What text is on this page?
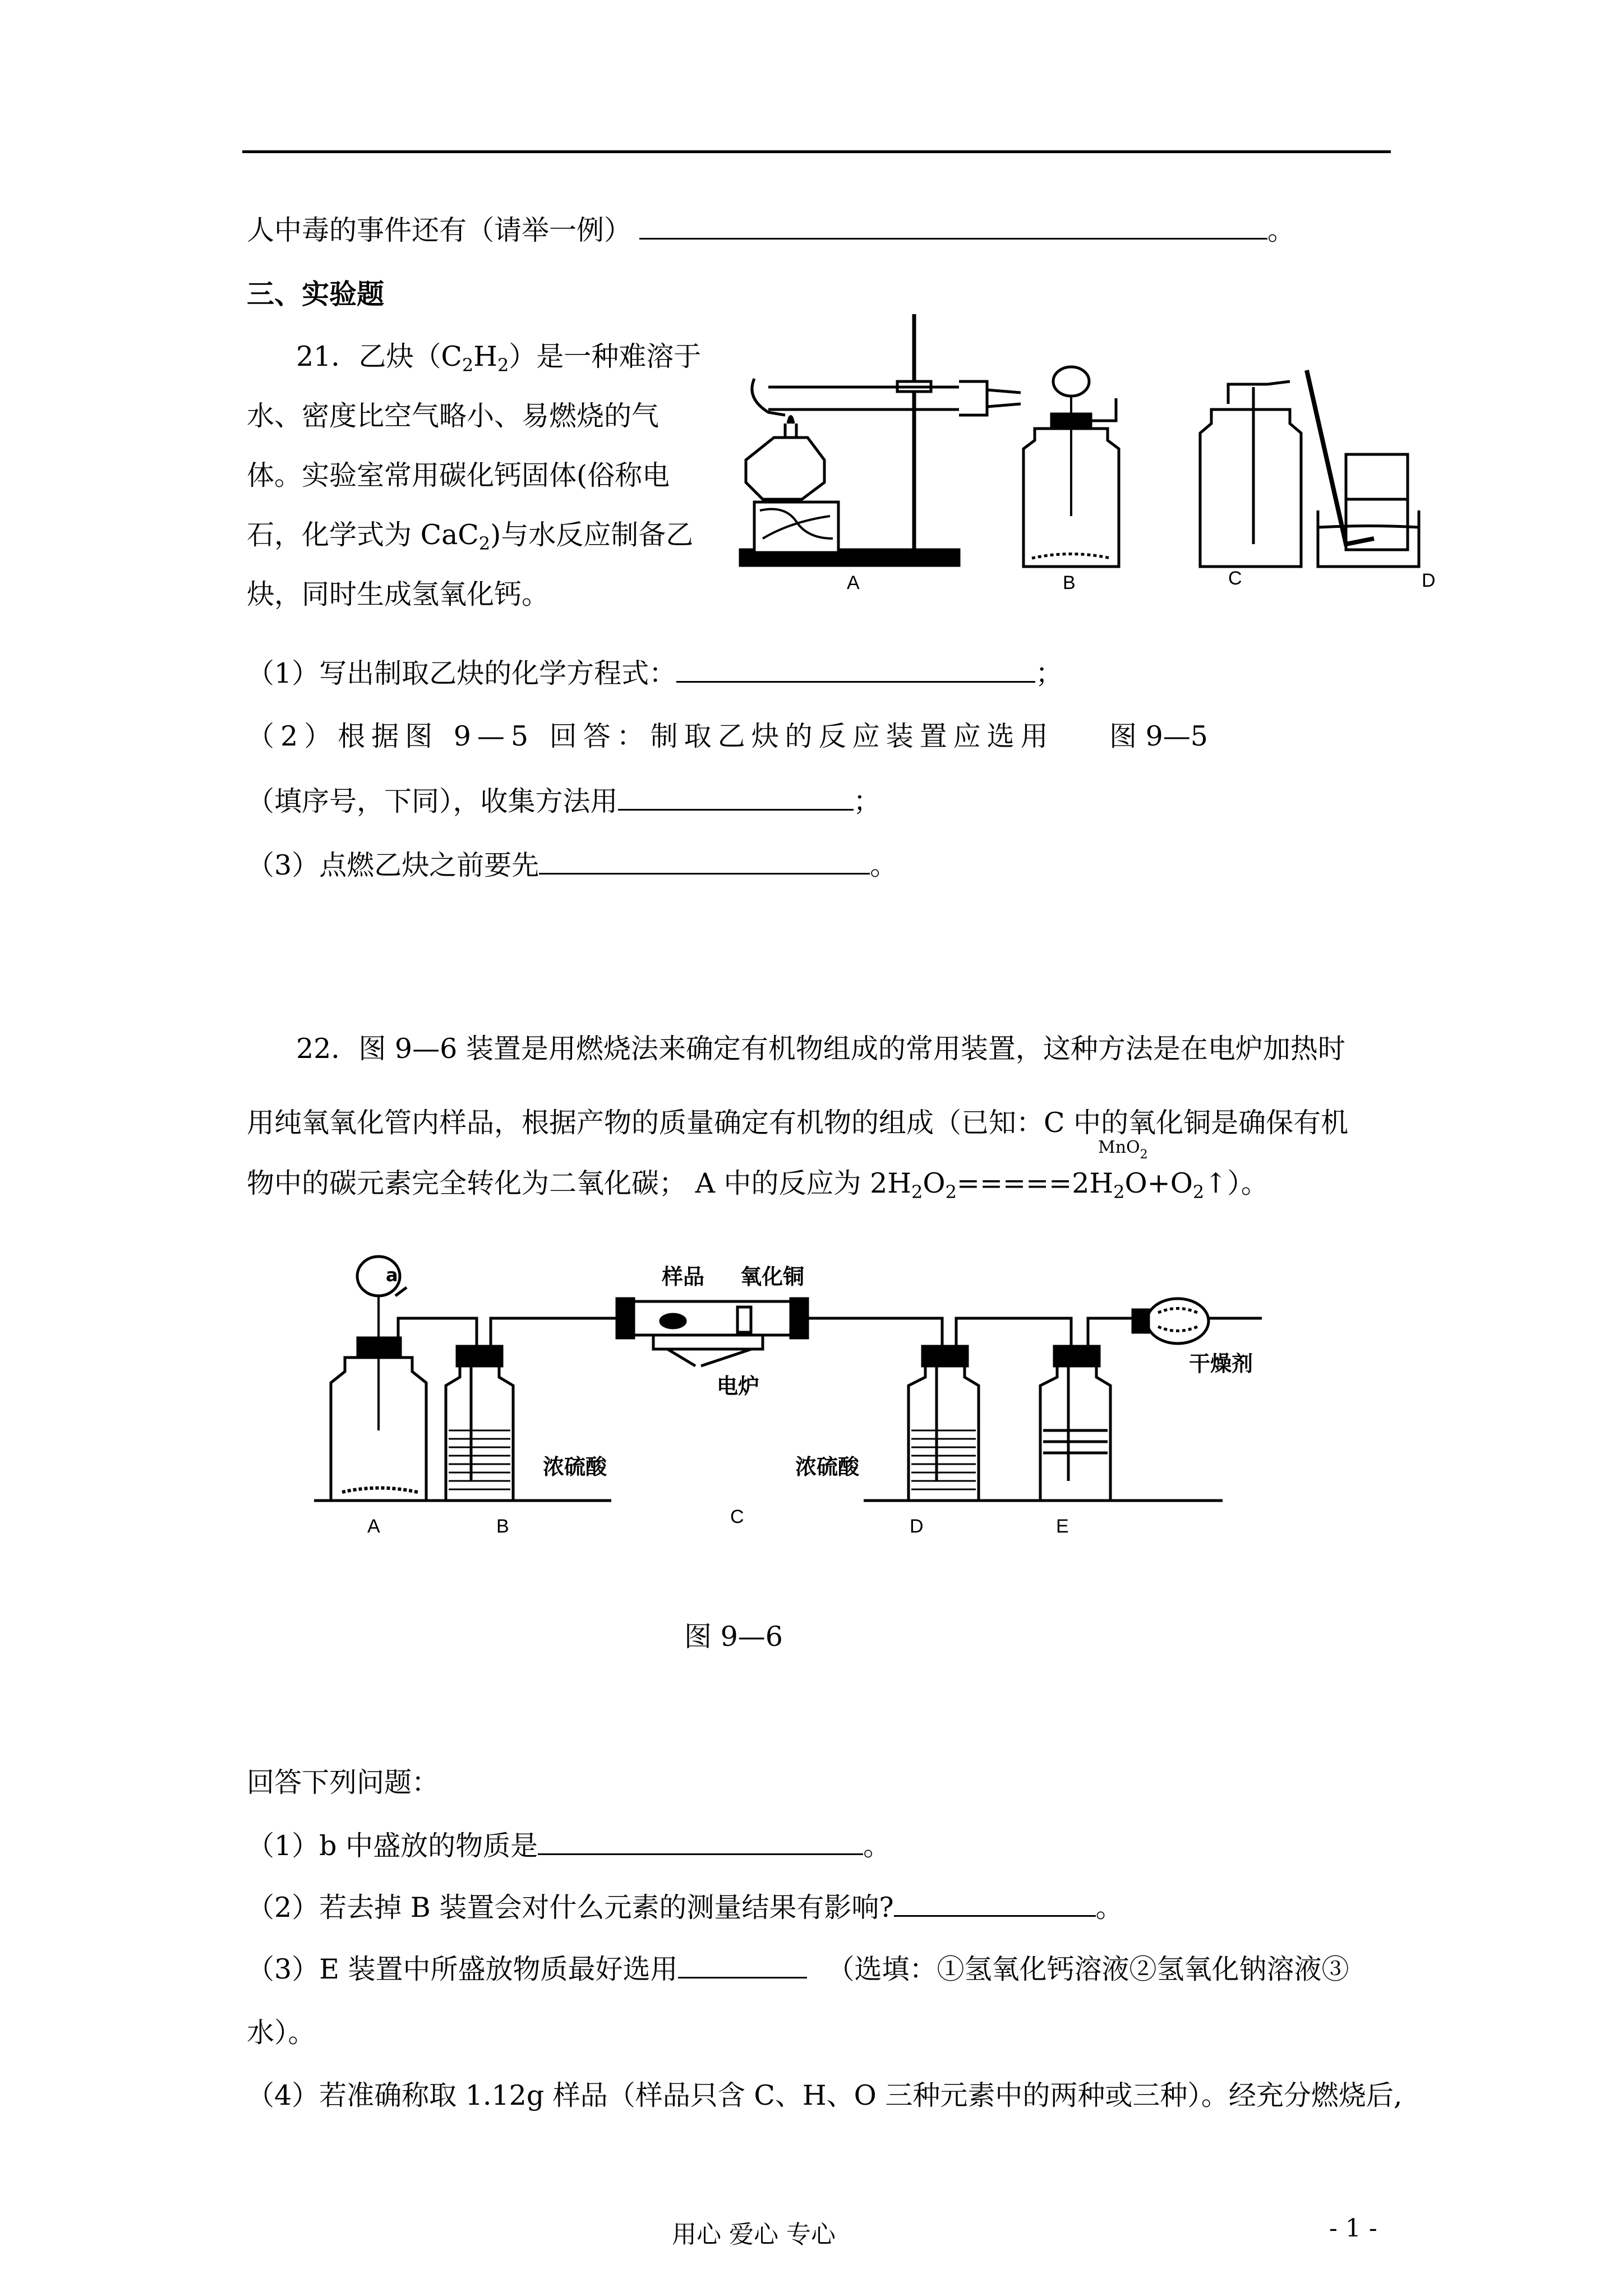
人中毒的事件还有（请举一例）	。
三、实验题
21．乙炔$(C_2H_2)$是一种难溶于
水、密度比空气略小、易燃烧的气
体。实验室常用碳化钙固体(俗称电
石，化学式为 CaC$_2$)与水反应制备乙
炔，同时生成氢氧化钙。	A	B	C	D
（1）写出制取乙炔的化学方程式：	；
（2）根据图 9—5 回答：制取乙炔的反应装置应选用 图 9—5
（填序号，下同），收集方法用	；
（3）点燃乙炔之前要先	。
22．图 9—6 装置是用燃烧法来确定有机物组成的常用装置，这种方法是在电炉加热时
用纯氧氧化管内样品，根据产物的质量确定有机物的组成（已知：C 中的氧化铜是确保有机
MnO$_2$
物中的碳元素完全转化为二氧化碳； A 中的反应为 $2H_2O_2=====2H_2O+O_2↑$）。
a	样品 氧化铜
电炉
干燥剂
浓硫酸	浓硫酸
A	B	C	D	E
图 9—6
回答下列问题：
（1）b 中盛放的物质是	。
（2）若去掉 B 装置会对什么元素的测量结果有影响?	。
（3）E 装置中所盛放物质最好选用	（选填：①氢氧化钙溶液②氢氧化钠溶液③
水）。
（4）若准确称取 1.12g 样品（样品只含 C、H、O 三种元素中的两种或三种）。经充分燃烧后,
用心 爱心 专心	- 1 -
